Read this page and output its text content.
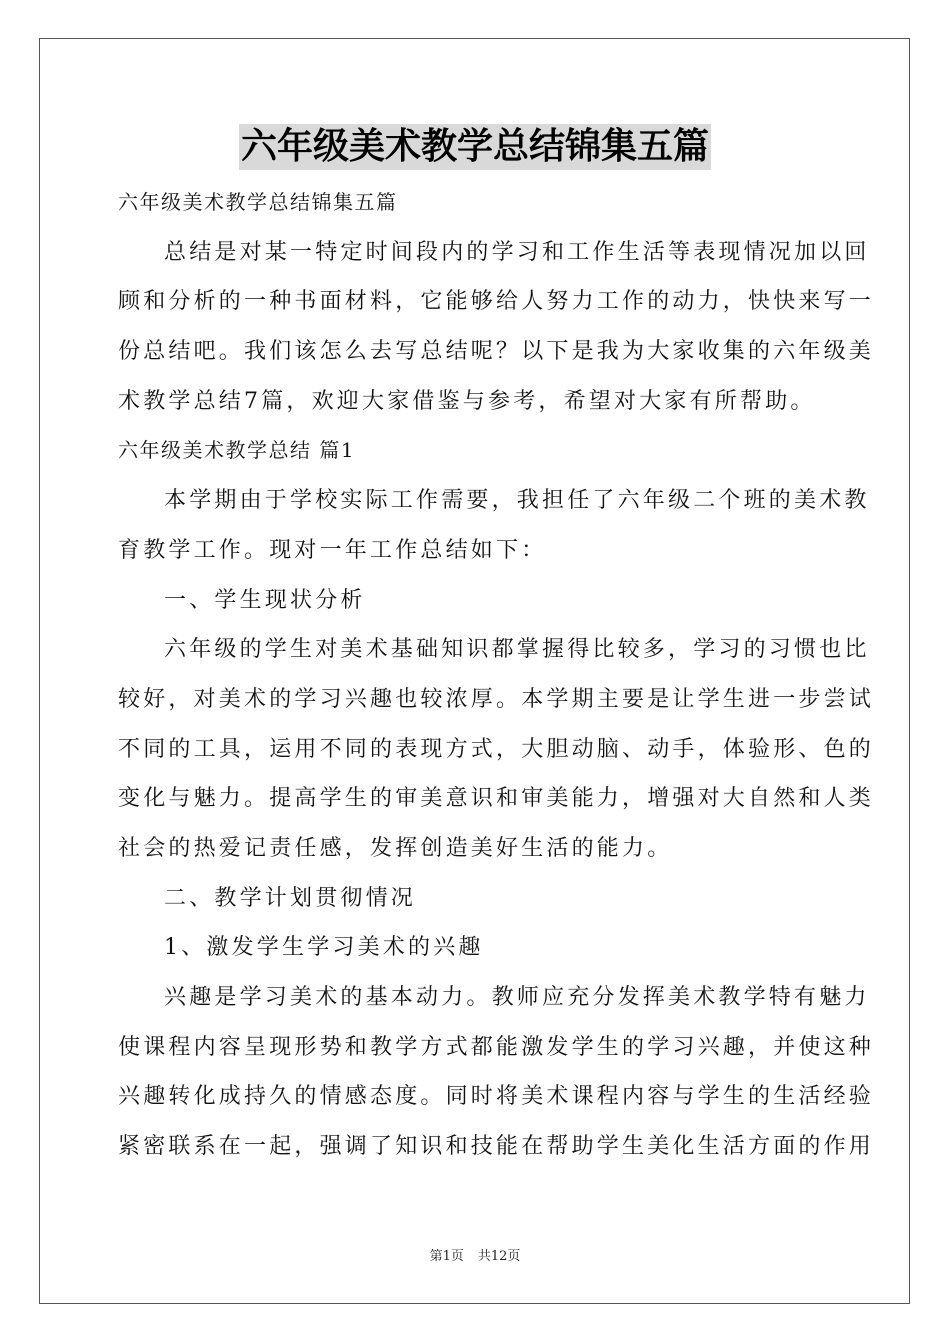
六年级美术教学总结锦集五篇
六年级美术教学总结锦集五篇
总结是对某一特定时间段内的学习和工作生活等表现情况加以回
顾和分析的一种书面材料，它能够给人努力工作的动力，快快来写一
份总结吧。我们该怎么去写总结呢？以下是我为大家收集的六年级美
术教学总结7篇，欢迎大家借鉴与参考，希望对大家有所帮助。
六年级美术教学总结 篇1
本学期由于学校实际工作需要，我担任了六年级二个班的美术教
育教学工作。现对一年工作总结如下：
一、学生现状分析
六年级的学生对美术基础知识都掌握得比较多，学习的习惯也比
较好，对美术的学习兴趣也较浓厚。本学期主要是让学生进一步尝试
不同的工具，运用不同的表现方式，大胆动脑、动手，体验形、色的
变化与魅力。提高学生的审美意识和审美能力，增强对大自然和人类
社会的热爱记责任感，发挥创造美好生活的能力。
二、教学计划贯彻情况
1、激发学生学习美术的兴趣
兴趣是学习美术的基本动力。教师应充分发挥美术教学特有魅力
使课程内容呈现形势和教学方式都能激发学生的学习兴趣，并使这种
兴趣转化成持久的情感态度。同时将美术课程内容与学生的生活经验
紧密联系在一起，强调了知识和技能在帮助学生美化生活方面的作用
第1页 共12页
